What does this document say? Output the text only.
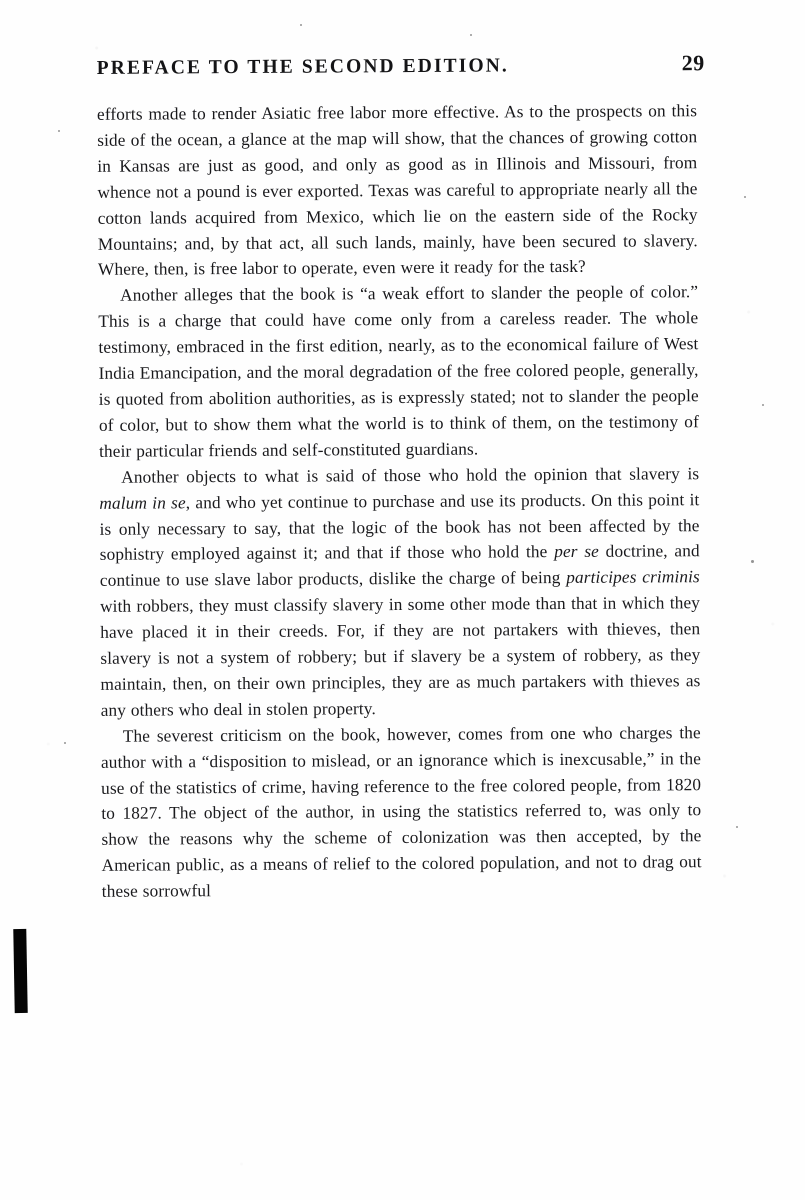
PREFACE TO THE SECOND EDITION.	29

efforts made to render Asiatic free labor more effective. As to the prospects on this side of the ocean, a glance at the map will show, that the chances of growing cotton in Kansas are just as good, and only as good as in Illinois and Missouri, from whence not a pound is ever exported. Texas was careful to appropriate nearly all the cotton lands acquired from Mexico, which lie on the eastern side of the Rocky Mountains; and, by that act, all such lands, mainly, have been secured to slavery. Where, then, is free labor to operate, even were it ready for the task?

Another alleges that the book is “a weak effort to slander the people of color.” This is a charge that could have come only from a careless reader. The whole testimony, embraced in the first edition, nearly, as to the economical failure of West India Emancipation, and the moral degradation of the free colored people, generally, is quoted from abolition authorities, as is expressly stated; not to slander the people of color, but to show them what the world is to think of them, on the testimony of their particular friends and self-constituted guardians.

Another objects to what is said of those who hold the opinion that slavery is malum in se, and who yet continue to purchase and use its products. On this point it is only necessary to say, that the logic of the book has not been affected by the sophistry employed against it; and that if those who hold the per se doctrine, and continue to use slave labor products, dislike the charge of being participes criminis with robbers, they must classify slavery in some other mode than that in which they have placed it in their creeds. For, if they are not partakers with thieves, then slavery is not a system of robbery; but if slavery be a system of robbery, as they maintain, then, on their own principles, they are as much partakers with thieves as any others who deal in stolen property.

The severest criticism on the book, however, comes from one who charges the author with a “disposition to mislead, or an ignorance which is inexcusable,” in the use of the statistics of crime, having reference to the free colored people, from 1820 to 1827. The object of the author, in using the statistics referred to, was only to show the reasons why the scheme of colonization was then accepted, by the American public, as a means of relief to the colored population, and not to drag out these sorrowful
